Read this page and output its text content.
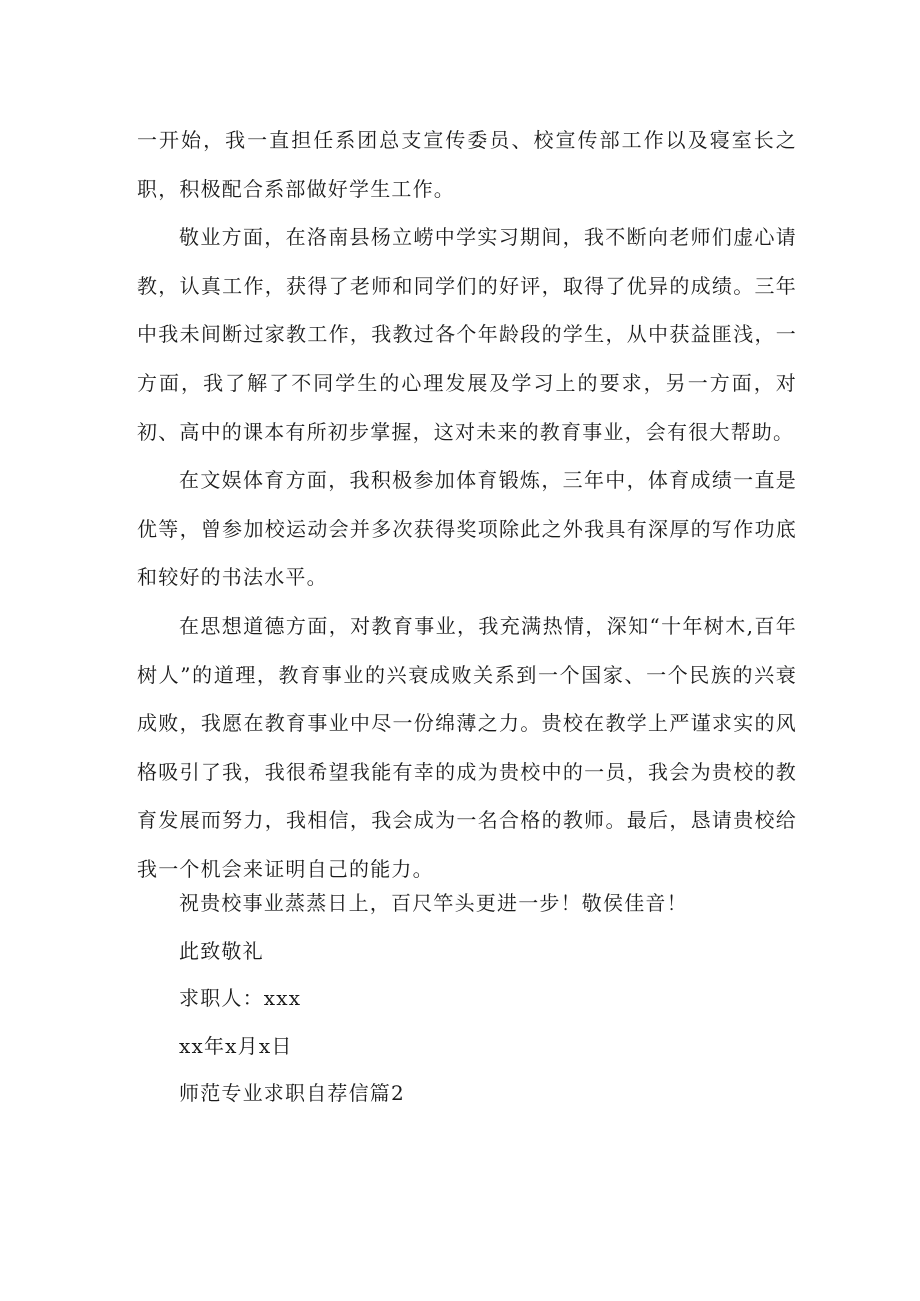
一开始，我一直担任系团总支宣传委员、校宣传部工作以及寝室长之职，积极配合系部做好学生工作。

敬业方面，在洛南县杨立崂中学实习期间，我不断向老师们虚心请教，认真工作，获得了老师和同学们的好评，取得了优异的成绩。三年中我未间断过家教工作，我教过各个年龄段的学生，从中获益匪浅，一方面，我了解了不同学生的心理发展及学习上的要求，另一方面，对初、高中的课本有所初步掌握，这对未来的教育事业，会有很大帮助。

在文娱体育方面，我积极参加体育锻炼，三年中，体育成绩一直是优等，曾参加校运动会并多次获得奖项除此之外我具有深厚的写作功底和较好的书法水平。

在思想道德方面，对教育事业，我充满热情，深知“十年树木,百年树人”的道理，教育事业的兴衰成败关系到一个国家、一个民族的兴衰成败，我愿在教育事业中尽一份绵薄之力。贵校在教学上严谨求实的风格吸引了我，我很希望我能有幸的成为贵校中的一员，我会为贵校的教育发展而努力，我相信，我会成为一名合格的教师。最后，恳请贵校给我一个机会来证明自己的能力。

祝贵校事业蒸蒸日上，百尺竿头更进一步！敬侯佳音！
此致敬礼
求职人：xxx
xx年x月x日
师范专业求职自荐信篇2
